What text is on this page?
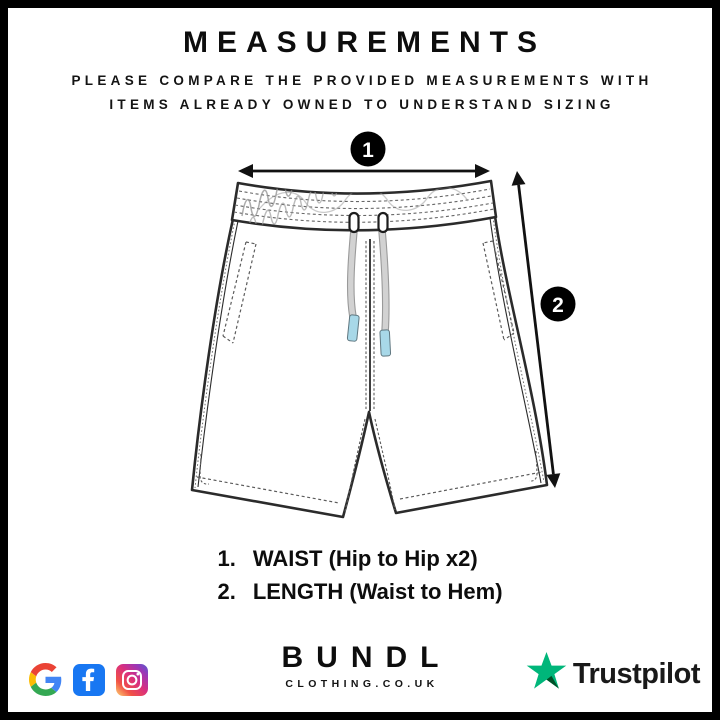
MEASUREMENTS
PLEASE COMPARE THE PROVIDED MEASUREMENTS WITH
ITEMS ALREADY OWNED TO UNDERSTAND SIZING
1
2
1. WAIST (Hip to Hip x2)
2. LENGTH (Waist to Hem)
BUNDL
CLOTHING.CO.UK	Trustpilot
